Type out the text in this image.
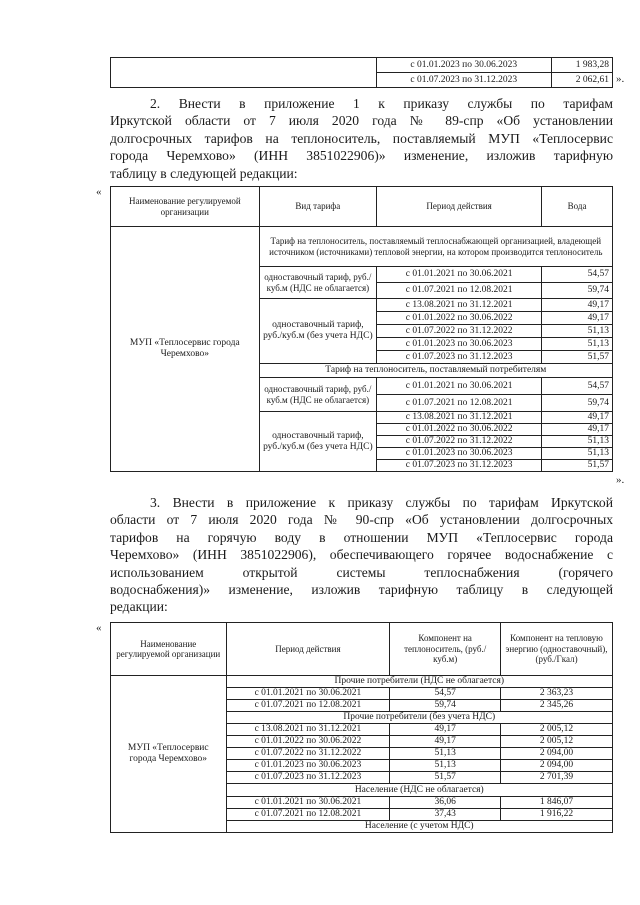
	с 01.01.2023 по 30.06.2023	1 983,28
	с 01.07.2023 по 31.12.2023	2 062,61 ».
2. Внести в приложение 1 к приказу службы по тарифам
Иркутской области от 7 июля 2020 года № 89-спр «Об установлении
долгосрочных тарифов на теплоноситель, поставляемый МУП «Теплосервис
города Черемхово» (ИНН 3851022906)» изменение, изложив тарифную
таблицу в следующей редакции:
«
Наименование регулируемой организации	Вид тарифа	Период действия	Вода
МУП «Теплосервис города Черемхово»	Тариф на теплоноситель, поставляемый теплоснабжающей организацией, владеющей источником (источниками) тепловой энергии, на котором производится теплоноситель		
	одноставочный тариф, руб./куб.м (НДС не облагается)	с 01.01.2021 по 30.06.2021	54,57
		с 01.07.2021 по 12.08.2021	59,74
	одноставочный тариф, руб./куб.м (без учета НДС)	с 13.08.2021 по 31.12.2021	49,17
		с 01.01.2022 по 30.06.2022	49,17
		с 01.07.2022 по 31.12.2022	51,13
		с 01.01.2023 по 30.06.2023	51,13
		с 01.07.2023 по 31.12.2023	51,57
	Тариф на теплоноситель, поставляемый потребителям		
	одноставочный тариф, руб./куб.м (НДС не облагается)	с 01.01.2021 по 30.06.2021	54,57
		с 01.07.2021 по 12.08.2021	59,74
	одноставочный тариф, руб./куб.м (без учета НДС)	с 13.08.2021 по 31.12.2021	49,17
		с 01.01.2022 по 30.06.2022	49,17
		с 01.07.2022 по 31.12.2022	51,13
		с 01.01.2023 по 30.06.2023	51,13
		с 01.07.2023 по 31.12.2023	51,57
».
3. Внести в приложение к приказу службы по тарифам Иркутской
области от 7 июля 2020 года № 90-спр «Об установлении долгосрочных
тарифов на горячую воду в отношении МУП «Теплосервис города
Черемхово» (ИНН 3851022906), обеспечивающего горячее водоснабжение с
использованием открытой системы теплоснабжения (горячего
водоснабжения)» изменение, изложив тарифную таблицу в следующей
редакции:
«
Наименование регулируемой организации	Период действия	Компонент на теплоноситель, (руб./куб.м)	Компонент на тепловую энергию (одноставочный), (руб./Гкал)
МУП «Теплосервис города Черемхово»	Прочие потребители (НДС не облагается)		
	с 01.01.2021 по 30.06.2021	54,57	2 363,23
	с 01.07.2021 по 12.08.2021	59,74	2 345,26
	Прочие потребители (без учета НДС)		
	с 13.08.2021 по 31.12.2021	49,17	2 005,12
	с 01.01.2022 по 30.06.2022	49,17	2 005,12
	с 01.07.2022 по 31.12.2022	51,13	2 094,00
	с 01.01.2023 по 30.06.2023	51,13	2 094,00
	с 01.07.2023 по 31.12.2023	51,57	2 701,39
	Население (НДС не облагается)		
	с 01.01.2021 по 30.06.2021	36,06	1 846,07
	с 01.07.2021 по 12.08.2021	37,43	1 916,22
	Население (с учетом НДС)		
